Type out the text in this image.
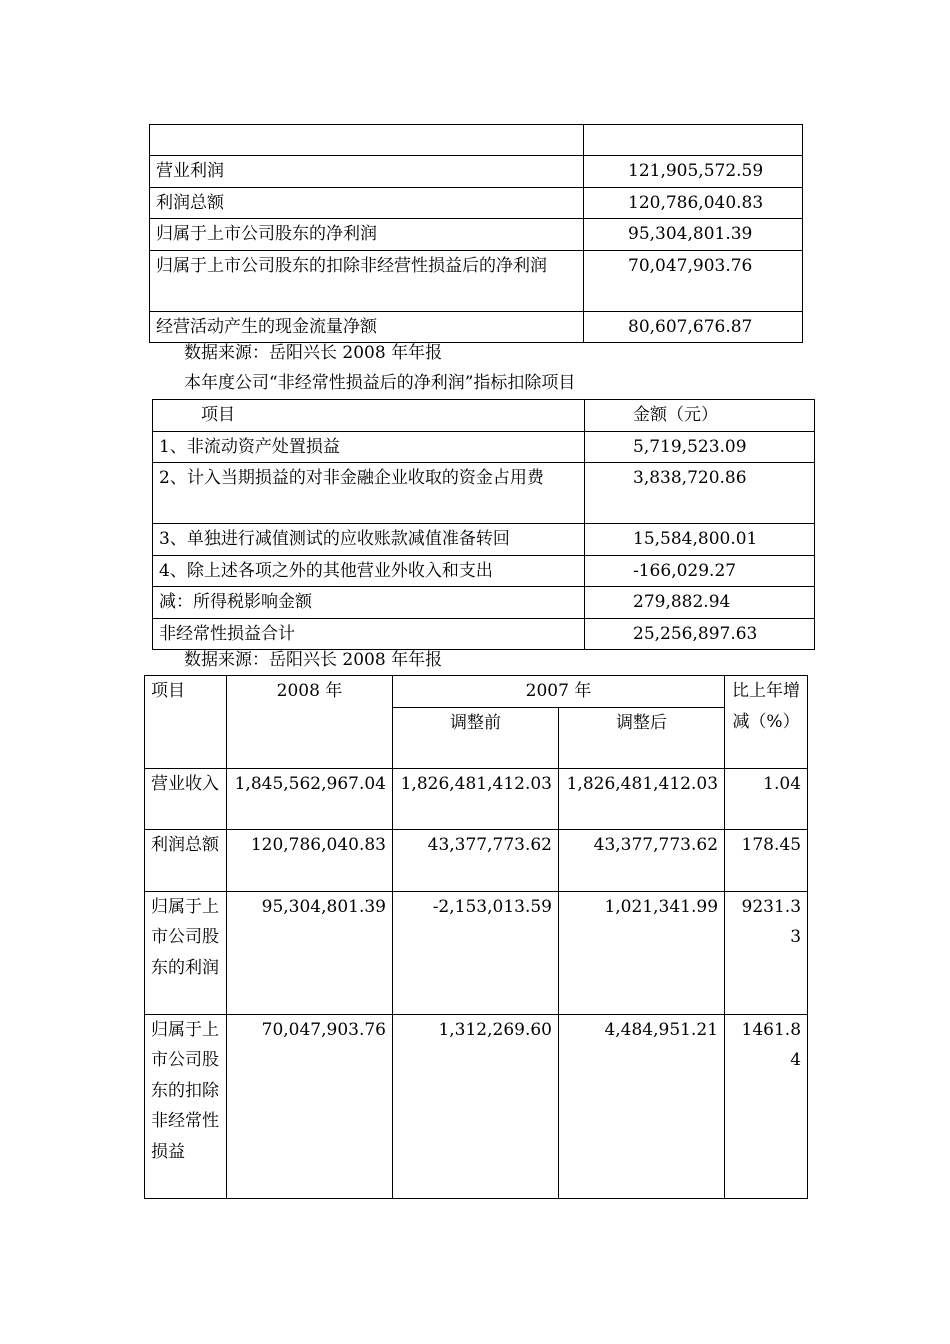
营业利润	121,905,572.59
利润总额	120,786,040.83
归属于上市公司股东的净利润	95,304,801.39
归属于上市公司股东的扣除非经营性损益后的净利润	70,047,903.76
经营活动产生的现金流量净额	80,607,676.87
数据来源：岳阳兴长 2008 年年报
本年度公司“非经常性损益后的净利润”指标扣除项目
项目	金额（元）
1、非流动资产处置损益	5,719,523.09
2、计入当期损益的对非金融企业收取的资金占用费	3,838,720.86
3、单独进行减值测试的应收账款减值准备转回	15,584,800.01
4、除上述各项之外的其他营业外收入和支出	-166,029.27
减：所得税影响金额	279,882.94
非经常性损益合计	25,256,897.63
数据来源：岳阳兴长 2008 年年报
项目	2008 年	2007 年		比上年增减（%）
		调整前	调整后	
营业收入	1,845,562,967.04	1,826,481,412.03	1,826,481,412.03	1.04
利润总额	120,786,040.83	43,377,773.62	43,377,773.62	178.45
归属于上市公司股东的利润	95,304,801.39	-2,153,013.59	1,021,341.99	9231.33
归属于上市公司股东的扣除非经常性损益	70,047,903.76	1,312,269.60	4,484,951.21	1461.84
